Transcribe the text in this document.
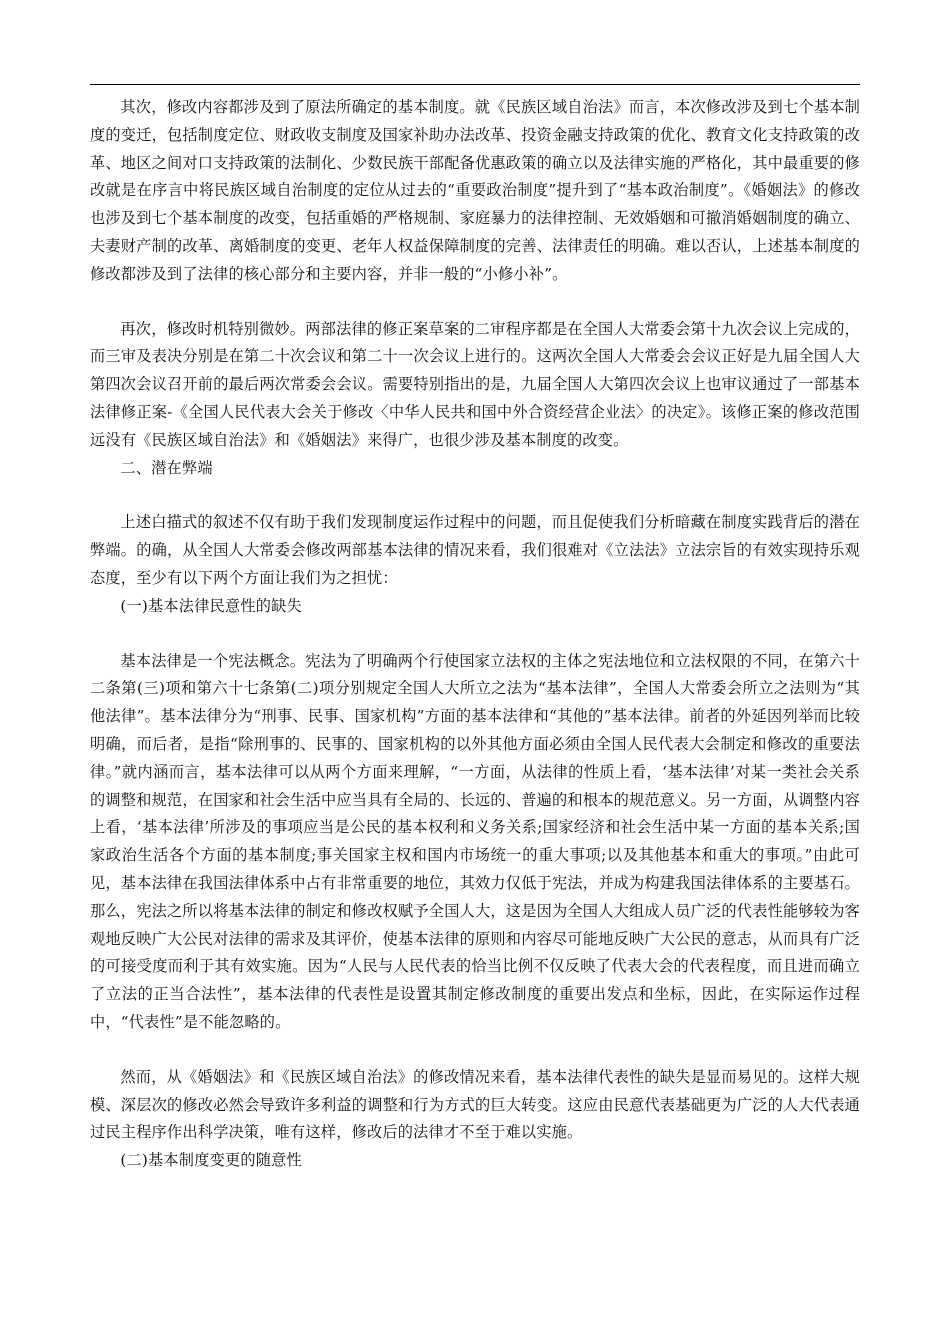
其次，修改内容都涉及到了原法所确定的基本制度。就《民族区域自治法》而言，本次修改涉及到七个基本制度的变迁，包括制度定位、财政收支制度及国家补助办法改革、投资金融支持政策的优化、教育文化支持政策的改革、地区之间对口支持政策的法制化、少数民族干部配备优惠政策的确立以及法律实施的严格化，其中最重要的修改就是在序言中将民族区域自治制度的定位从过去的“重要政治制度”提升到了“基本政治制度”。《婚姻法》的修改也涉及到七个基本制度的改变，包括重婚的严格规制、家庭暴力的法律控制、无效婚姻和可撤消婚姻制度的确立、夫妻财产制的改革、离婚制度的变更、老年人权益保障制度的完善、法律责任的明确。难以否认，上述基本制度的修改都涉及到了法律的核心部分和主要内容，并非一般的“小修小补”。

再次，修改时机特别微妙。两部法律的修正案草案的二审程序都是在全国人大常委会第十九次会议上完成的，而三审及表决分别是在第二十次会议和第二十一次会议上进行的。这两次全国人大常委会会议正好是九届全国人大第四次会议召开前的最后两次常委会会议。需要特别指出的是，九届全国人大第四次会议上也审议通过了一部基本法律修正案-《全国人民代表大会关于修改〈中华人民共和国中外合资经营企业法〉的决定》。该修正案的修改范围远没有《民族区域自治法》和《婚姻法》来得广，也很少涉及基本制度的改变。

二、潜在弊端

上述白描式的叙述不仅有助于我们发现制度运作过程中的问题，而且促使我们分析暗藏在制度实践背后的潜在弊端。的确，从全国人大常委会修改两部基本法律的情况来看，我们很难对《立法法》立法宗旨的有效实现持乐观态度，至少有以下两个方面让我们为之担忧：

(一)基本法律民意性的缺失

基本法律是一个宪法概念。宪法为了明确两个行使国家立法权的主体之宪法地位和立法权限的不同，在第六十二条第(三)项和第六十七条第(二)项分别规定全国人大所立之法为“基本法律”，全国人大常委会所立之法则为“其他法律”。基本法律分为“刑事、民事、国家机构”方面的基本法律和“其他的”基本法律。前者的外延因列举而比较明确，而后者，是指“除刑事的、民事的、国家机构的以外其他方面必须由全国人民代表大会制定和修改的重要法律。”就内涵而言，基本法律可以从两个方面来理解，“一方面，从法律的性质上看，‘基本法律’对某一类社会关系的调整和规范，在国家和社会生活中应当具有全局的、长远的、普遍的和根本的规范意义。另一方面，从调整内容上看，‘基本法律’所涉及的事项应当是公民的基本权利和义务关系;国家经济和社会生活中某一方面的基本关系;国家政治生活各个方面的基本制度;事关国家主权和国内市场统一的重大事项;以及其他基本和重大的事项。”由此可见，基本法律在我国法律体系中占有非常重要的地位，其效力仅低于宪法，并成为构建我国法律体系的主要基石。那么，宪法之所以将基本法律的制定和修改权赋予全国人大，这是因为全国人大组成人员广泛的代表性能够较为客观地反映广大公民对法律的需求及其评价，使基本法律的原则和内容尽可能地反映广大公民的意志，从而具有广泛的可接受度而利于其有效实施。因为“人民与人民代表的恰当比例不仅反映了代表大会的代表程度，而且进而确立了立法的正当合法性”，基本法律的代表性是设置其制定修改制度的重要出发点和坐标，因此，在实际运作过程中，“代表性”是不能忽略的。

然而，从《婚姻法》和《民族区域自治法》的修改情况来看，基本法律代表性的缺失是显而易见的。这样大规模、深层次的修改必然会导致许多利益的调整和行为方式的巨大转变。这应由民意代表基础更为广泛的人大代表通过民主程序作出科学决策，唯有这样，修改后的法律才不至于难以实施。

(二)基本制度变更的随意性
